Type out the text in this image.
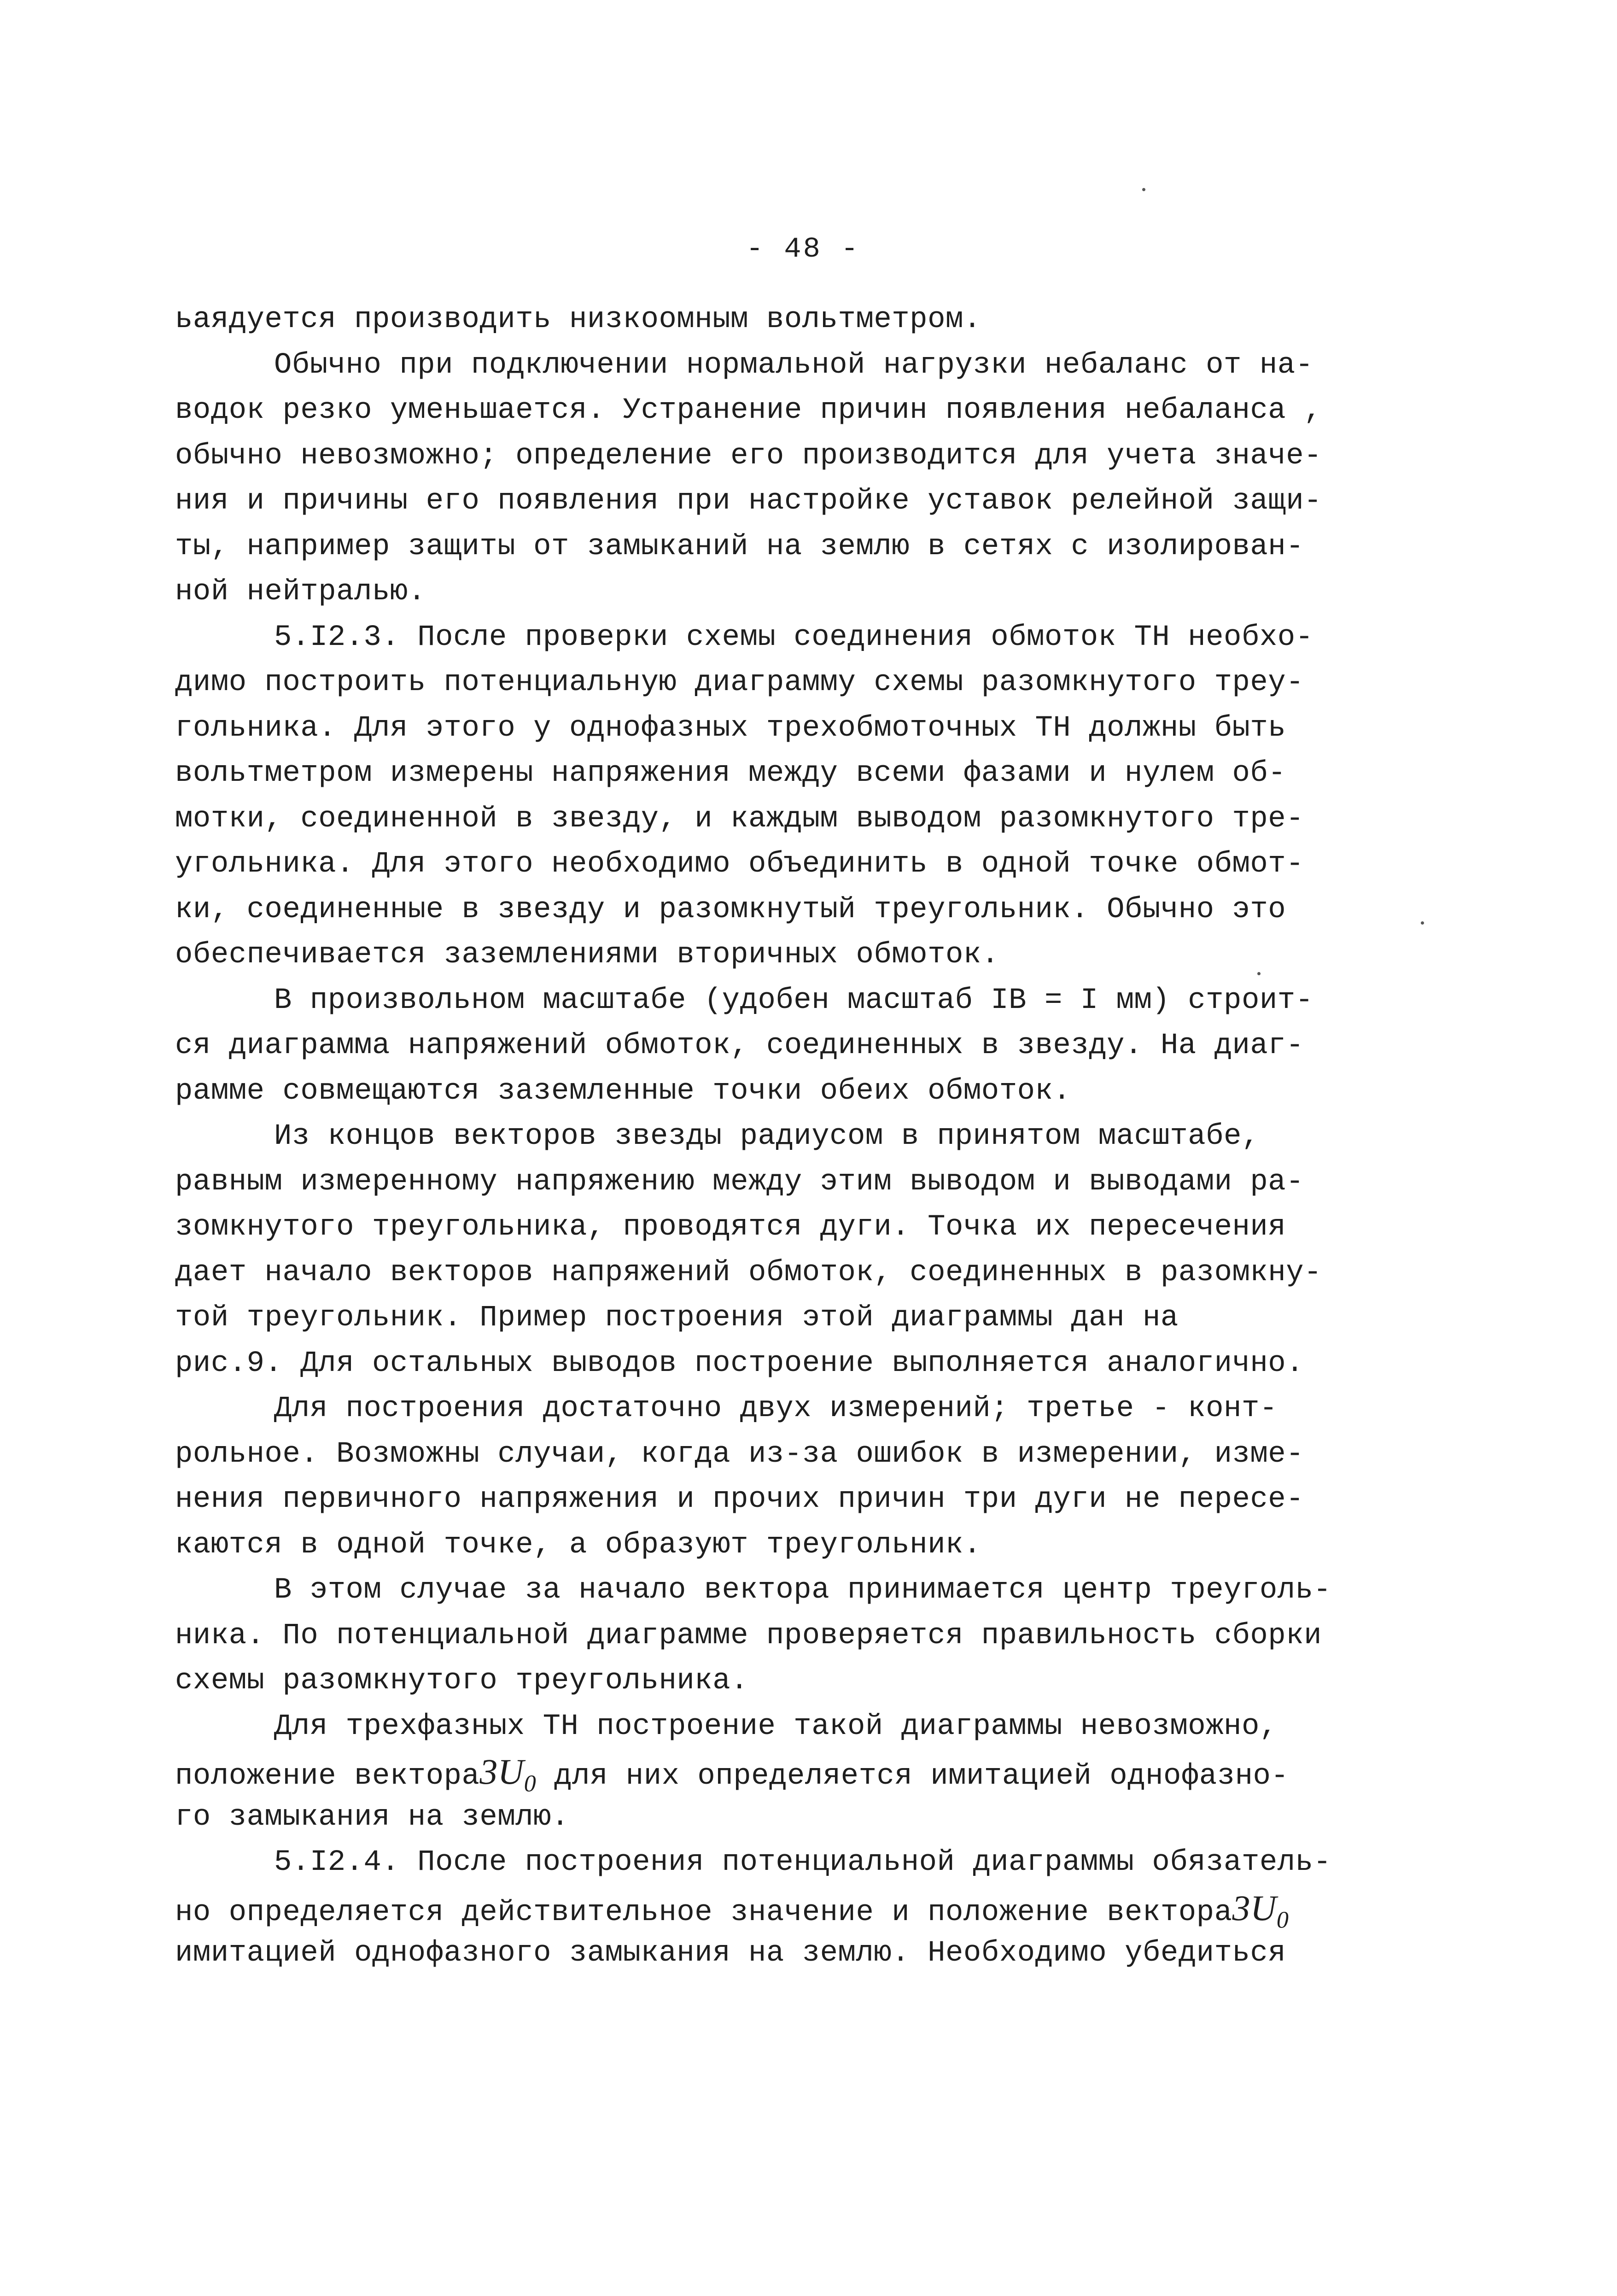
- 48 -
ьаядуется производить низкоомным вольтметром.
Обычно при подключении нормальной нагрузки небаланс от на-
водок резко уменьшается. Устранение причин появления небаланса ,
обычно невозможно; определение его производится для учета значе-
ния и причины его появления при настройке уставок релейной защи-
ты, например защиты от замыканий на землю в сетях с изолирован-
ной нейтралью.
5.I2.3. После проверки схемы соединения обмоток ТН необхо-
димо построить потенциальную диаграмму схемы разомкнутого треу-
гольника. Для этого у однофазных трехобмоточных ТН должны быть
вольтметром измерены напряжения между всеми фазами и нулем об-
мотки, соединенной в звезду, и каждым выводом разомкнутого тре-
угольника. Для этого необходимо объединить в одной точке обмот-
ки, соединенные в звезду и разомкнутый треугольник. Обычно это
обеспечивается заземлениями вторичных обмоток.
В произвольном масштабе (удобен масштаб IВ = I мм) строит-
ся диаграмма напряжений обмоток, соединенных в звезду. На диаг-
рамме совмещаются заземленные точки обеих обмоток.
Из концов векторов звезды радиусом в принятом масштабе,
равным измеренному напряжению между этим выводом и выводами ра-
зомкнутого треугольника, проводятся дуги. Точка их пересечения
дает начало векторов напряжений обмоток, соединенных в разомкну-
той треугольник. Пример построения этой диаграммы дан на
рис.9. Для остальных выводов построение выполняется аналогично.
Для построения достаточно двух измерений; третье - конт-
рольное. Возможны случаи, когда из-за ошибок в измерении, изме-
нения первичного напряжения и прочих причин три дуги не пересе-
каются в одной точке, а образуют треугольник.
В этом случае за начало вектора принимается центр треуголь-
ника. По потенциальной диаграмме проверяется правильность сборки
схемы разомкнутого треугольника.
Для трехфазных ТН построение такой диаграммы невозможно,
положение $вектора3U_0$ для них определяется имитацией однофазно-
го замыкания на землю.
5.I2.4. После построения потенциальной диаграммы обязатель-
но определяется действительное значение и положение $вектора3U_0$
имитацией однофазного замыкания на землю. Необходимо убедиться
